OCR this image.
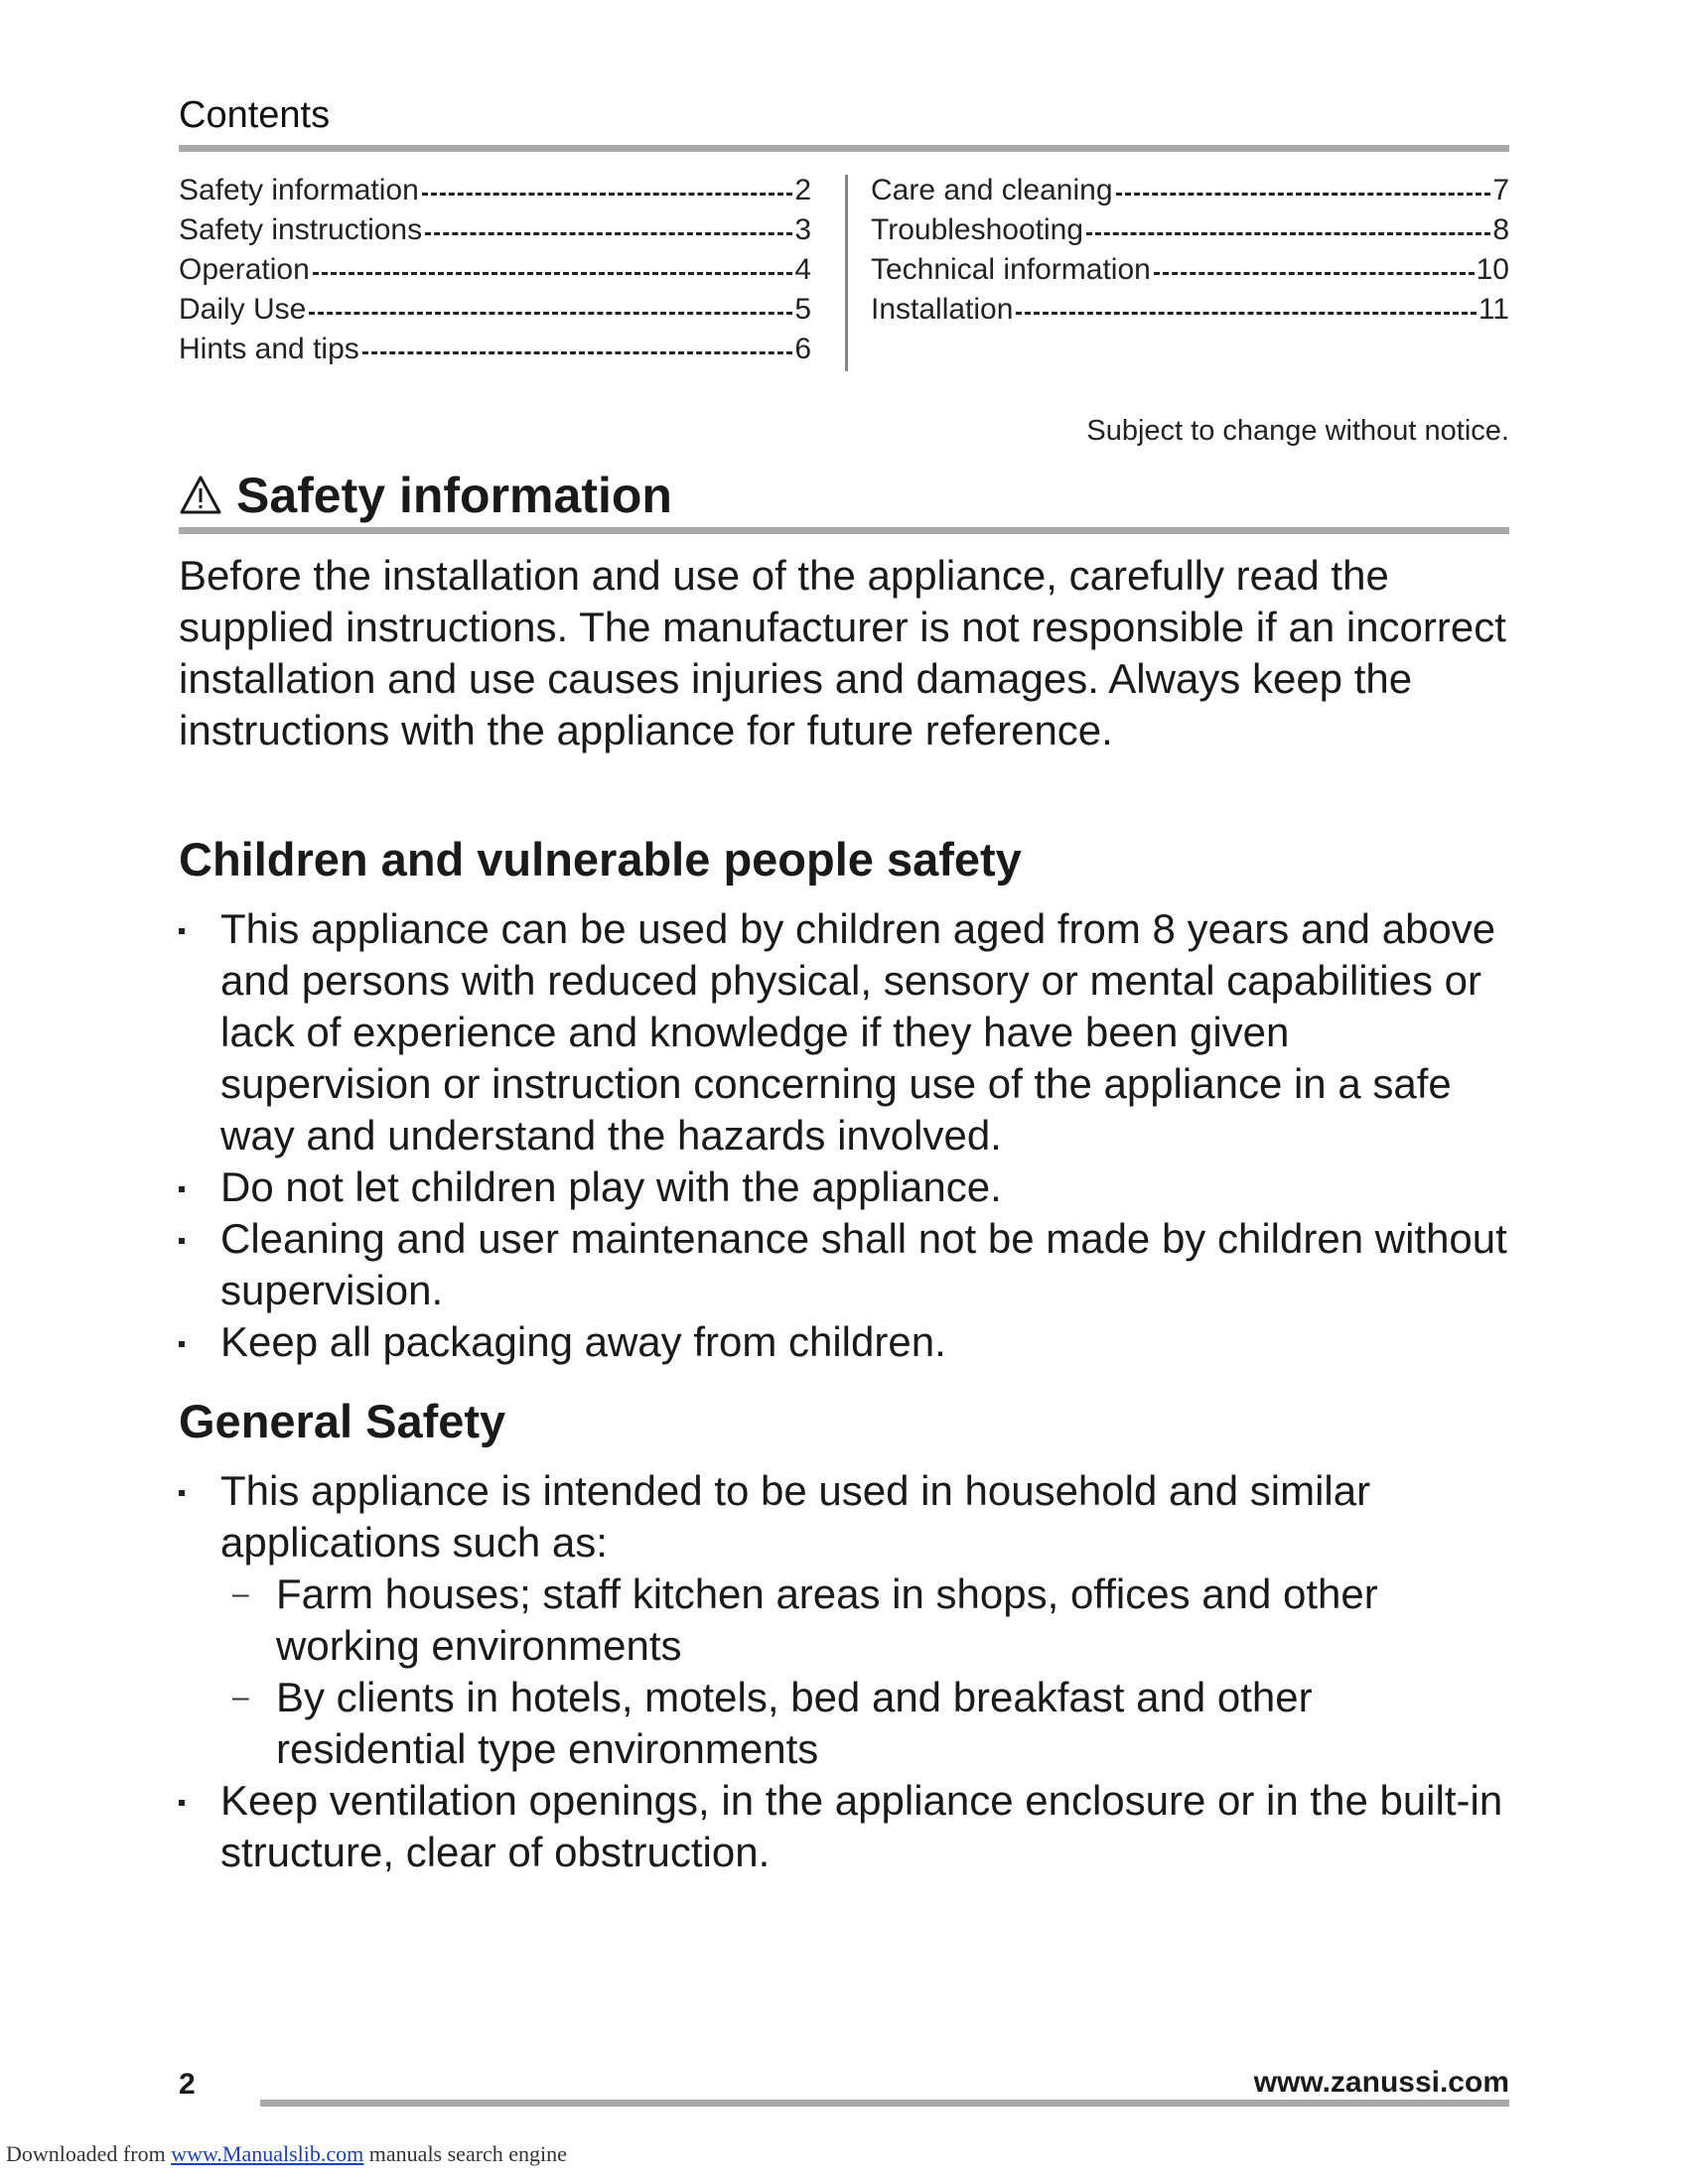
Contents
Safety information	2
Safety instructions	3
Operation	4
Daily Use	5
Hints and tips	6
Care and cleaning	7
Troubleshooting	8
Technical information	10
Installation	11
Subject to change without notice.
Safety information

Before the installation and use of the appliance, carefully read the supplied instructions. The manufacturer is not responsible if an incorrect installation and use causes injuries and damages. Always keep the instructions with the appliance for future reference.

Children and vulnerable people safety
This appliance can be used by children aged from 8 years and above and persons with reduced physical, sensory or mental capabilities or lack of experience and knowledge if they have been given supervision or instruction concerning use of the appliance in a safe way and understand the hazards involved.
Do not let children play with the appliance.
Cleaning and user maintenance shall not be made by children without supervision.
Keep all packaging away from children.
General Safety
This appliance is intended to be used in household and similar applications such as:
– Farm houses; staff kitchen areas in shops, offices and other working environments
– By clients in hotels, motels, bed and breakfast and other residential type environments
Keep ventilation openings, in the appliance enclosure or in the built-in structure, clear of obstruction.
2	www.zanussi.com
Downloaded from www.Manualslib.com manuals search engine
